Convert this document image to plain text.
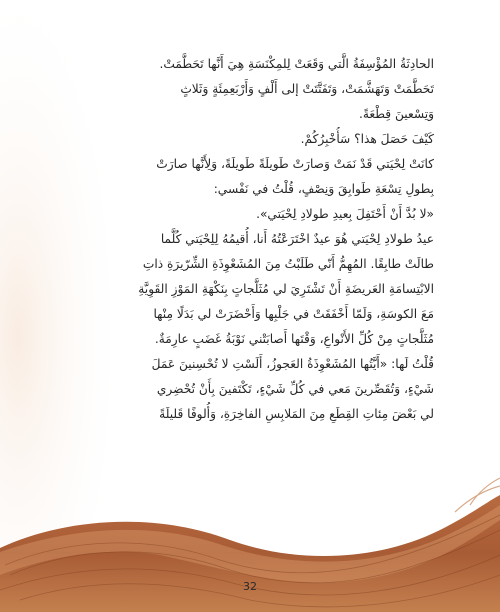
الحادِثَةُ المُؤْسِفَةُ الَّتي وَقَعَتْ لِلمِكْنَسَةِ هِيَ أَنَّها تَحَطَّمَتْ.
تَحَطَّمَتْ وَتَهَشَّمَتْ، وَتَفَتَّتَتْ إلى أَلْفٍ وَأَرْبَعِمِئَةٍ وَثَلاثٍ
وَتِسْعينَ قِطْعَةً.
كَيْفَ حَصَلَ هذا؟ سَأُخْبِرُكُمْ.
كانَتْ لِحْيَتي قَدْ نَمَتْ وَصارَتْ طَويلَةً طَويلَةً، وَلِأَنَّها صارَتْ
بِطولِ تِسْعَةِ طَوابِقَ وَنِصْفٍ، قُلْتُ في نَفْسي:
«لا بُدَّ أَنْ أَحْتَفِلَ بِعيدِ طولادِ لِحْيَتي».
عيدُ طولادِ لِحْيَتي هُوَ عيدٌ اخْتَرَعْتُهُ أَنا، أُقيمُهُ لِلِحْيَتي كُلَّما
طالَتْ طابِقًا. المُهِمُّ أَنّي طَلَبْتُ مِنَ المُشَعْوِذَةِ الشِّرّيرَةِ ذاتِ
الابْتِسامَةِ العَريضَةِ أَنْ تَشْتَرِيَ لي مُثَلَّجاتٍ بِنَكْهَةِ المَوْزِ القَوِيَّةِ
مَعَ الكوسَةِ، وَلَمّا أَخْفَقَتْ في جَلْبِها وَأَحْضَرَتْ لي بَدَلًا مِنْها
مُثَلَّجاتٍ مِنْ كُلِّ الأَنْواعِ، وَقْتَها أَصابَتْني نَوْبَةُ غَضَبٍ عارِمَةٌ.
قُلْتُ لَها: «أَيَّتُها المُشَعْوِذَةُ العَجوزُ، أَلَسْتِ لا تُحْسِنينَ عَمَلَ
شَيْءٍ، وَتُقَصِّرينَ مَعي في كُلِّ شَيْءٍ، تَكْتَفينَ بِأَنْ تُحْضِري
لي بَعْضَ مِئاتِ القِطَعِ مِنَ المَلابِسِ الفاخِرَةِ، وَأُلوفًا قَليلَةً
32
